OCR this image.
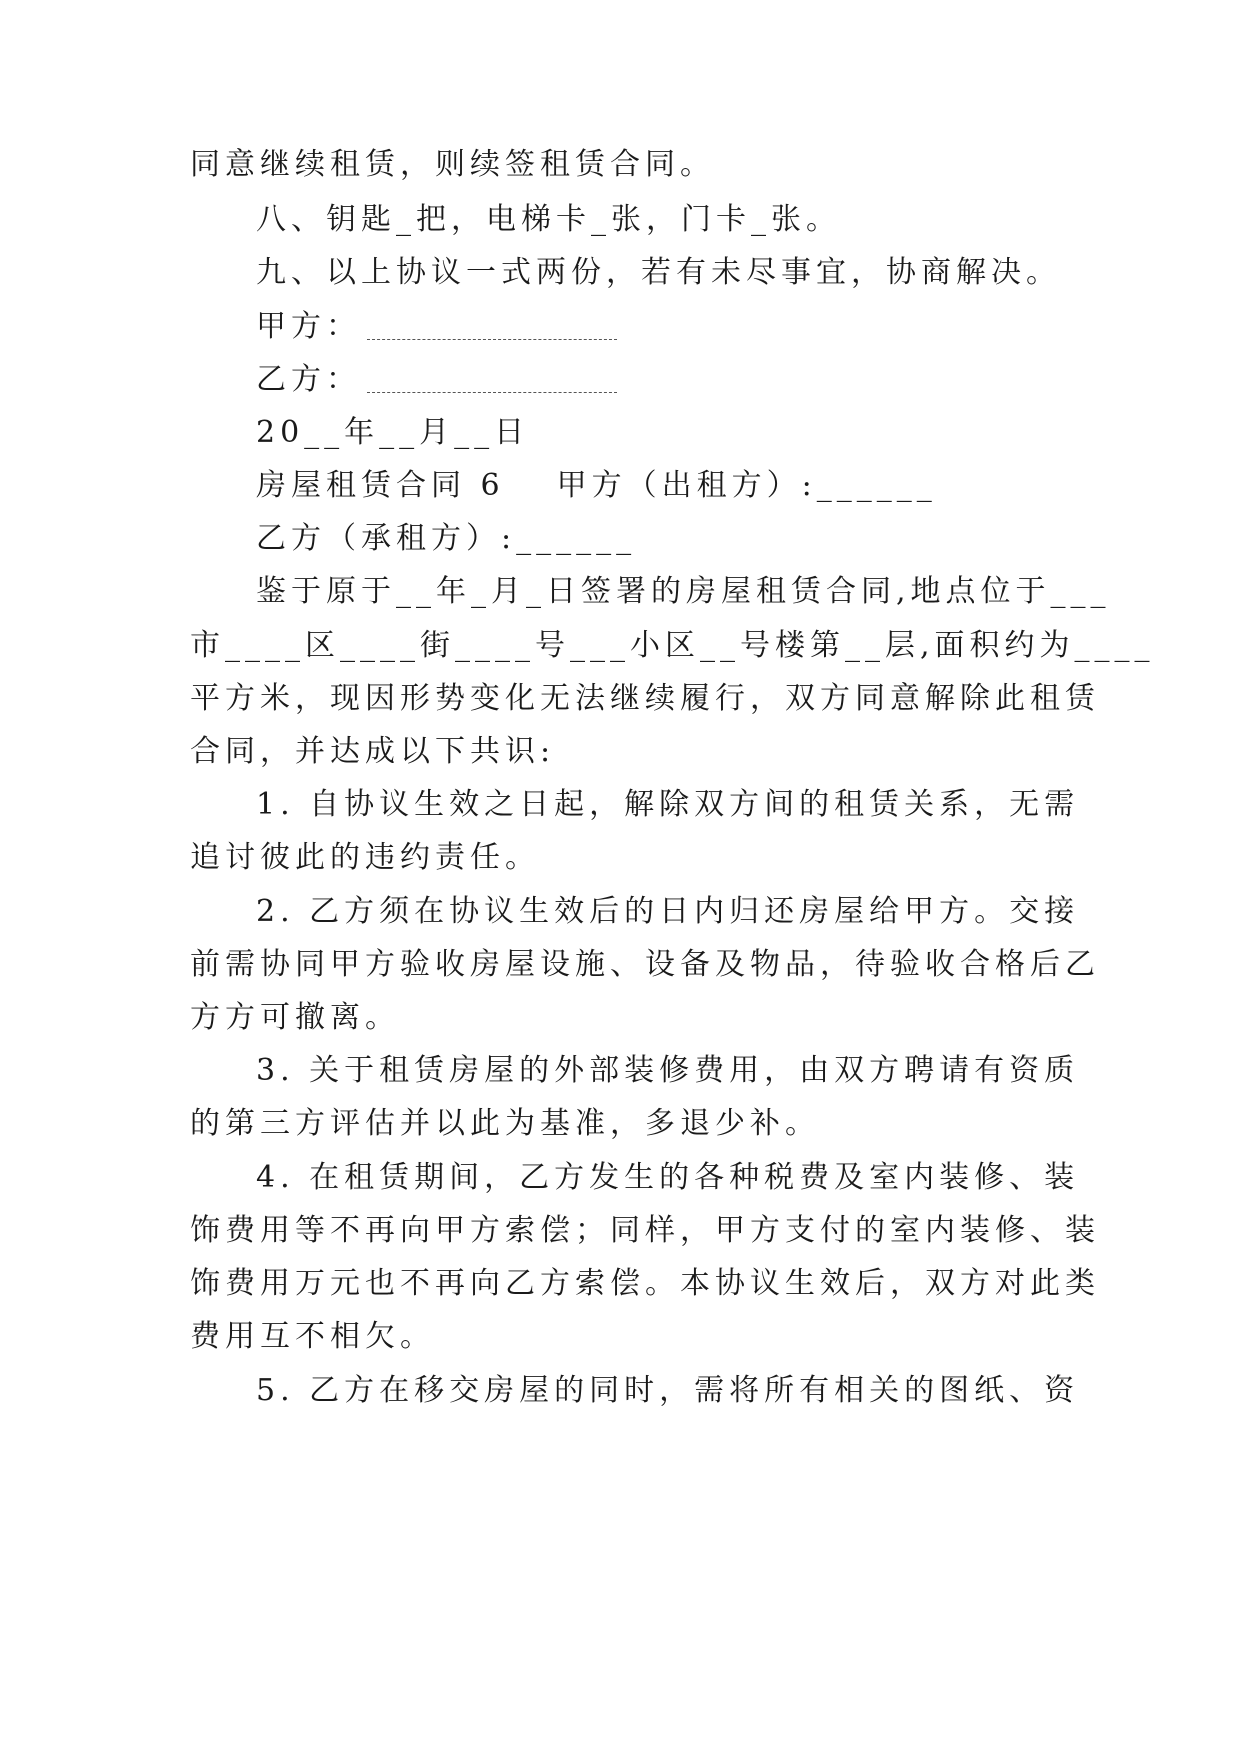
同意继续租赁，则续签租赁合同。
八、钥匙_把，电梯卡_张，门卡_张。
九、以上协议一式两份，若有未尽事宜，协商解决。
甲方：
乙方：
20__年__月__日
房屋租赁合同 6 甲方（出租方）:______
乙方（承租方）:______
鉴于原于__年_月_日签署的房屋租赁合同,地点位于___
市____区____街____号___小区__号楼第__层,面积约为____
平方米，现因形势变化无法继续履行，双方同意解除此租赁
合同，并达成以下共识:
1. 自协议生效之日起，解除双方间的租赁关系，无需
追讨彼此的违约责任。
2. 乙方须在协议生效后的日内归还房屋给甲方。交接
前需协同甲方验收房屋设施、设备及物品，待验收合格后乙
方方可撤离。
3. 关于租赁房屋的外部装修费用，由双方聘请有资质
的第三方评估并以此为基准，多退少补。
4. 在租赁期间，乙方发生的各种税费及室内装修、装
饰费用等不再向甲方索偿；同样，甲方支付的室内装修、装
饰费用万元也不再向乙方索偿。本协议生效后，双方对此类
费用互不相欠。
5. 乙方在移交房屋的同时，需将所有相关的图纸、资
